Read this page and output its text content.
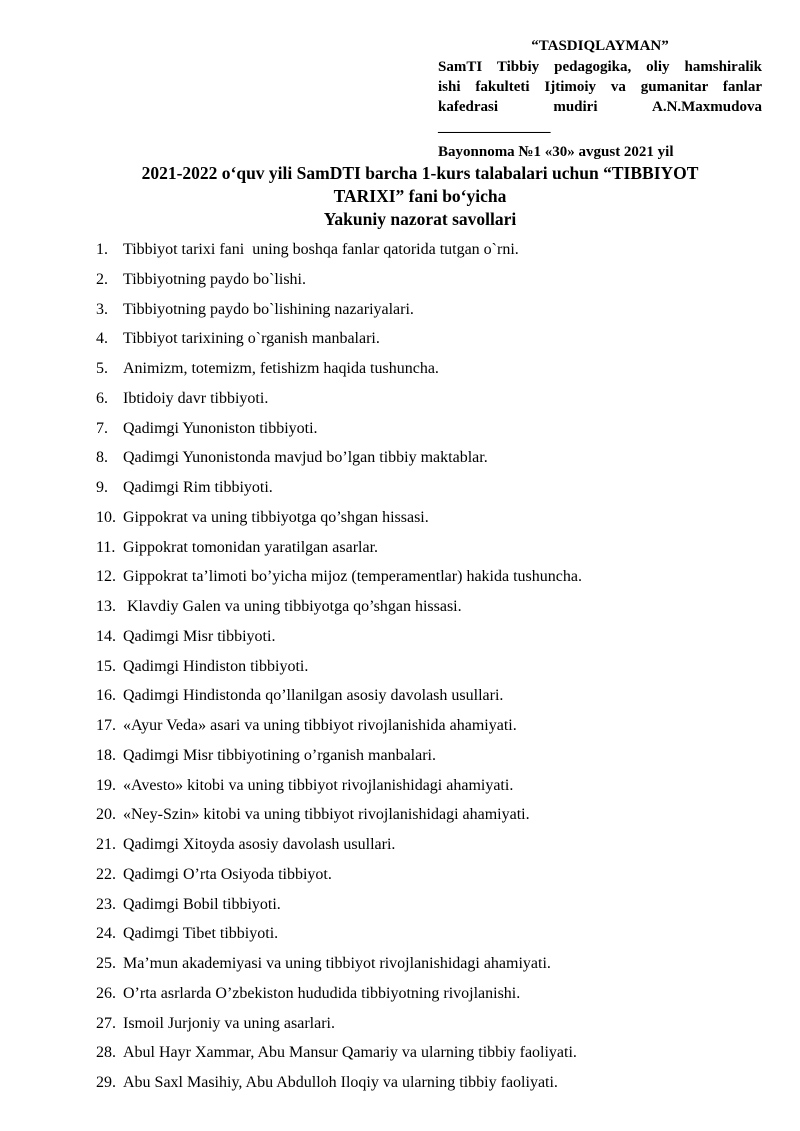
“TASDIQLAYMAN”
SamTI Tibbiy pedagogika, oliy hamshiralik
ishi fakulteti Ijtimoiy va gumanitar fanlar
kafedrasi mudiri A.N.Maxmudova
_______________
Bayonnoma №1 «30» avgust 2021 yil
2021-2022 o‘quv yili SamDTI barcha 1-kurs talabalari uchun “TIBBIYOT
TARIXI” fani bo‘yicha
Yakuniy nazorat savollari
1. Tibbiyot tarixi fani  uning boshqa fanlar qatorida tutgan o`rni.
2. Tibbiyotning paydo bo`lishi.
3. Tibbiyotning paydo bo`lishining nazariyalari.
4. Tibbiyot tarixining o`rganish manbalari.
5. Animizm, totemizm, fetishizm haqida tushuncha.
6. Ibtidoiy davr tibbiyoti.
7. Qadimgi Yunoniston tibbiyoti.
8. Qadimgi Yunonistonda mavjud bo’lgan tibbiy maktablar.
9. Qadimgi Rim tibbiyoti.
10. Gippokrat va uning tibbiyotga qo’shgan hissasi.
11. Gippokrat tomonidan yaratilgan asarlar.
12. Gippokrat ta’limoti bo’yicha mijoz (temperamentlar) hakida tushuncha.
13. Klavdiy Galen va uning tibbiyotga qo’shgan hissasi.
14. Qadimgi Misr tibbiyoti.
15. Qadimgi Hindiston tibbiyoti.
16. Qadimgi Hindistonda qo’llanilgan asosiy davolash usullari.
17. «Ayur Veda» asari va uning tibbiyot rivojlanishida ahamiyati.
18. Qadimgi Misr tibbiyotining o’rganish manbalari.
19. «Avesto» kitobi va uning tibbiyot rivojlanishidagi ahamiyati.
20. «Ney-Szin» kitobi va uning tibbiyot rivojlanishidagi ahamiyati.
21. Qadimgi Xitoyda asosiy davolash usullari.
22. Qadimgi O’rta Osiyoda tibbiyot.
23. Qadimgi Bobil tibbiyoti.
24. Qadimgi Tibet tibbiyoti.
25. Ma’mun akademiyasi va uning tibbiyot rivojlanishidagi ahamiyati.
26. O’rta asrlarda O’zbekiston hududida tibbiyotning rivojlanishi.
27. Ismoil Jurjoniy va uning asarlari.
28. Abul Hayr Xammar, Abu Mansur Qamariy va ularning tibbiy faoliyati.
29. Abu Saxl Masihiy, Abu Abdulloh Iloqiy va ularning tibbiy faoliyati.
